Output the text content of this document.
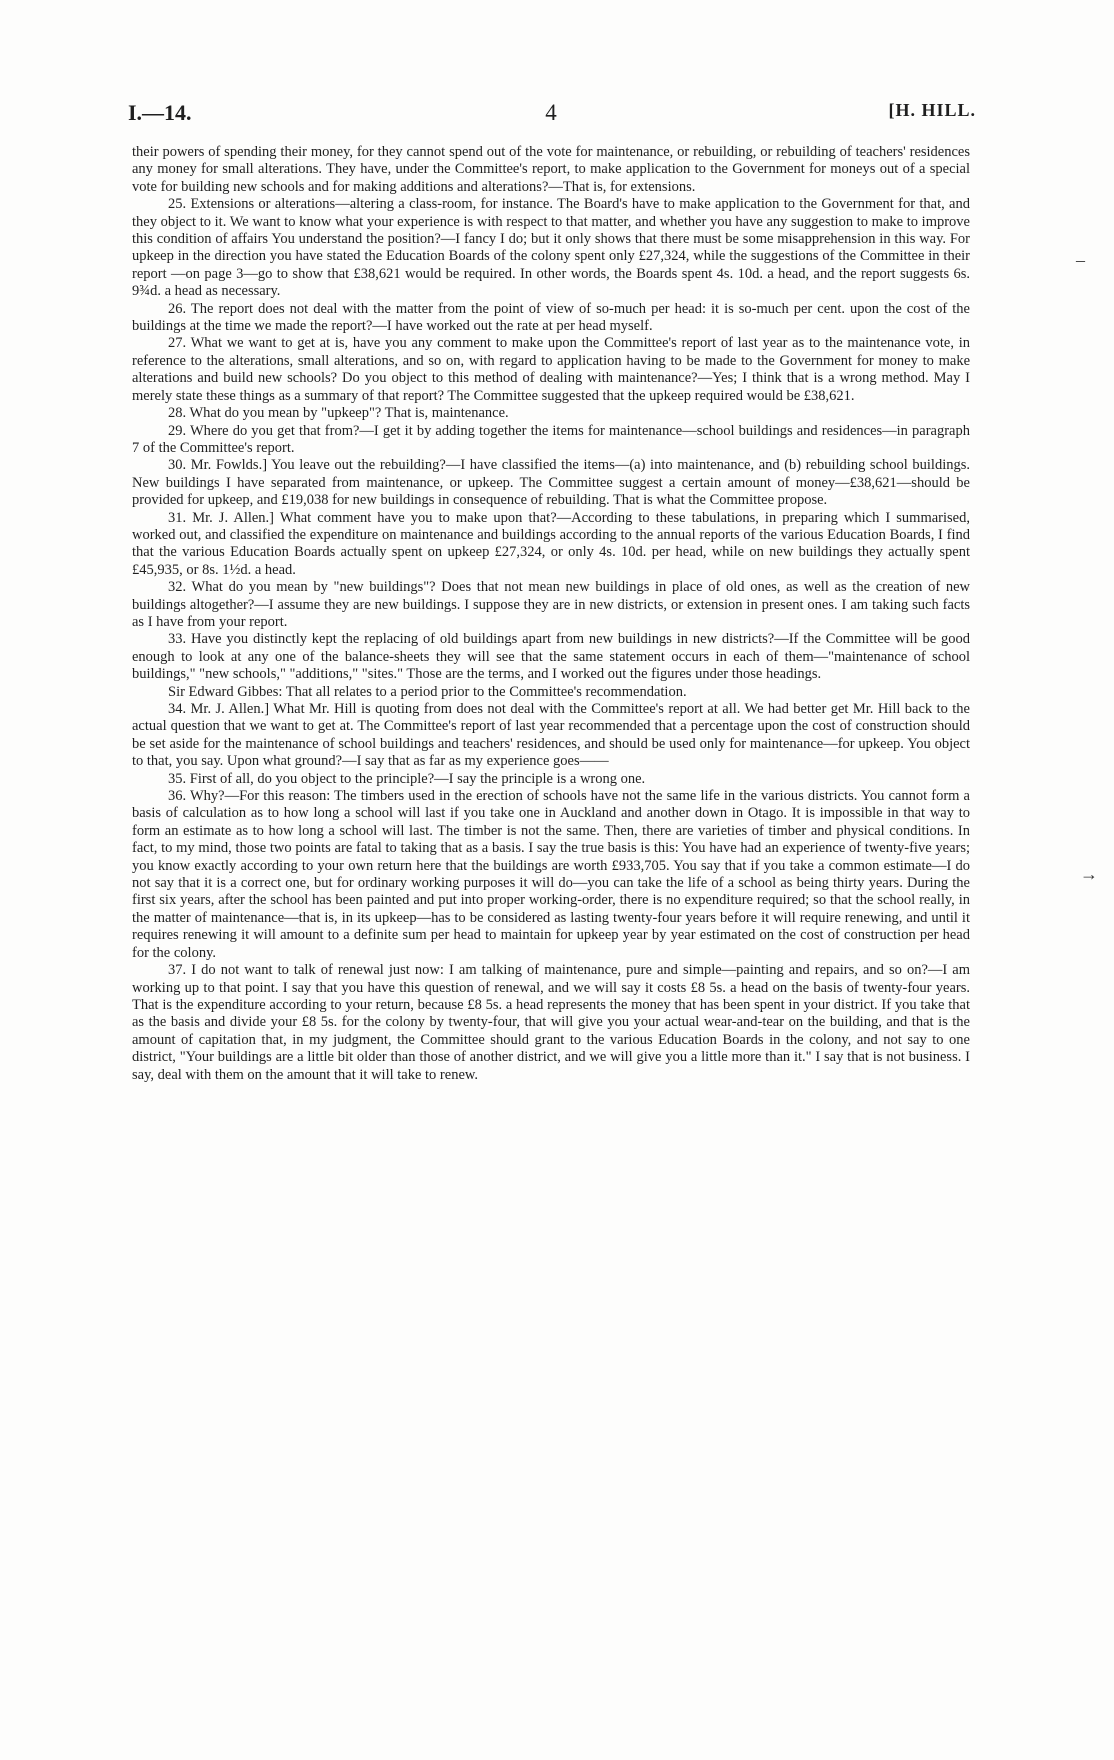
I.—14.	4	[H. HILL.

their powers of spending their money, for they cannot spend out of the vote for maintenance, or rebuilding, or rebuilding of teachers' residences any money for small alterations. They have, under the Committee's report, to make application to the Government for moneys out of a special vote for building new schools and for making additions and alterations?—That is, for extensions.

25. Extensions or alterations—altering a class-room, for instance. The Board's have to make application to the Government for that, and they object to it. We want to know what your experience is with respect to that matter, and whether you have any suggestion to make to improve this condition of affairs You understand the position?—I fancy I do; but it only shows that there must be some misapprehension in this way. For upkeep in the direction you have stated the Education Boards of the colony spent only £27,324, while the suggestions of the Committee in their report —on page 3—go to show that £38,621 would be required. In other words, the Boards spent 4s. 10d. a head, and the report suggests 6s. 9¾d. a head as necessary.

26. The report does not deal with the matter from the point of view of so-much per head: it is so-much per cent. upon the cost of the buildings at the time we made the report?—I have worked out the rate at per head myself.

27. What we want to get at is, have you any comment to make upon the Committee's report of last year as to the maintenance vote, in reference to the alterations, small alterations, and so on, with regard to application having to be made to the Government for money to make alterations and build new schools? Do you object to this method of dealing with maintenance?—Yes; I think that is a wrong method. May I merely state these things as a summary of that report? The Committee suggested that the upkeep required would be £38,621.

28. What do you mean by "upkeep"? That is, maintenance.

29. Where do you get that from?—I get it by adding together the items for maintenance—school buildings and residences—in paragraph 7 of the Committee's report.

30. Mr. Fowlds.] You leave out the rebuilding?—I have classified the items—(a) into maintenance, and (b) rebuilding school buildings. New buildings I have separated from maintenance, or upkeep. The Committee suggest a certain amount of money—£38,621—should be provided for upkeep, and £19,038 for new buildings in consequence of rebuilding. That is what the Committee propose.

31. Mr. J. Allen.] What comment have you to make upon that?—According to these tabulations, in preparing which I summarised, worked out, and classified the expenditure on maintenance and buildings according to the annual reports of the various Education Boards, I find that the various Education Boards actually spent on upkeep £27,324, or only 4s. 10d. per head, while on new buildings they actually spent £45,935, or 8s. 1½d. a head.

32. What do you mean by "new buildings"? Does that not mean new buildings in place of old ones, as well as the creation of new buildings altogether?—I assume they are new buildings. I suppose they are in new districts, or extension in present ones. I am taking such facts as I have from your report.

33. Have you distinctly kept the replacing of old buildings apart from new buildings in new districts?—If the Committee will be good enough to look at any one of the balance-sheets they will see that the same statement occurs in each of them—"maintenance of school buildings," "new schools," "additions," "sites." Those are the terms, and I worked out the figures under those headings.

Sir Edward Gibbes: That all relates to a period prior to the Committee's recommendation.

34. Mr. J. Allen.] What Mr. Hill is quoting from does not deal with the Committee's report at all. We had better get Mr. Hill back to the actual question that we want to get at. The Committee's report of last year recommended that a percentage upon the cost of construction should be set aside for the maintenance of school buildings and teachers' residences, and should be used only for maintenance—for upkeep. You object to that, you say. Upon what ground?—I say that as far as my experience goes——

35. First of all, do you object to the principle?—I say the principle is a wrong one.

36. Why?—For this reason: The timbers used in the erection of schools have not the same life in the various districts. You cannot form a basis of calculation as to how long a school will last if you take one in Auckland and another down in Otago. It is impossible in that way to form an estimate as to how long a school will last. The timber is not the same. Then, there are varieties of timber and physical conditions. In fact, to my mind, those two points are fatal to taking that as a basis. I say the true basis is this: You have had an experience of twenty-five years; you know exactly according to your own return here that the buildings are worth £933,705. You say that if you take a common estimate—I do not say that it is a correct one, but for ordinary working purposes it will do—you can take the life of a school as being thirty years. During the first six years, after the school has been painted and put into proper working-order, there is no expenditure required; so that the school really, in the matter of maintenance—that is, in its upkeep—has to be considered as lasting twenty-four years before it will require renewing, and until it requires renewing it will amount to a definite sum per head to maintain for upkeep year by year estimated on the cost of construction per head for the colony.

37. I do not want to talk of renewal just now: I am talking of maintenance, pure and simple—painting and repairs, and so on?—I am working up to that point. I say that you have this question of renewal, and we will say it costs £8 5s. a head on the basis of twenty-four years. That is the expenditure according to your return, because £8 5s. a head represents the money that has been spent in your district. If you take that as the basis and divide your £8 5s. for the colony by twenty-four, that will give you your actual wear-and-tear on the building, and that is the amount of capitation that, in my judgment, the Committee should grant to the various Education Boards in the colony, and not say to one district, "Your buildings are a little bit older than those of another district, and we will give you a little more than it." I say that is not business. I say, deal with them on the amount that it will take to renew.

–
→
